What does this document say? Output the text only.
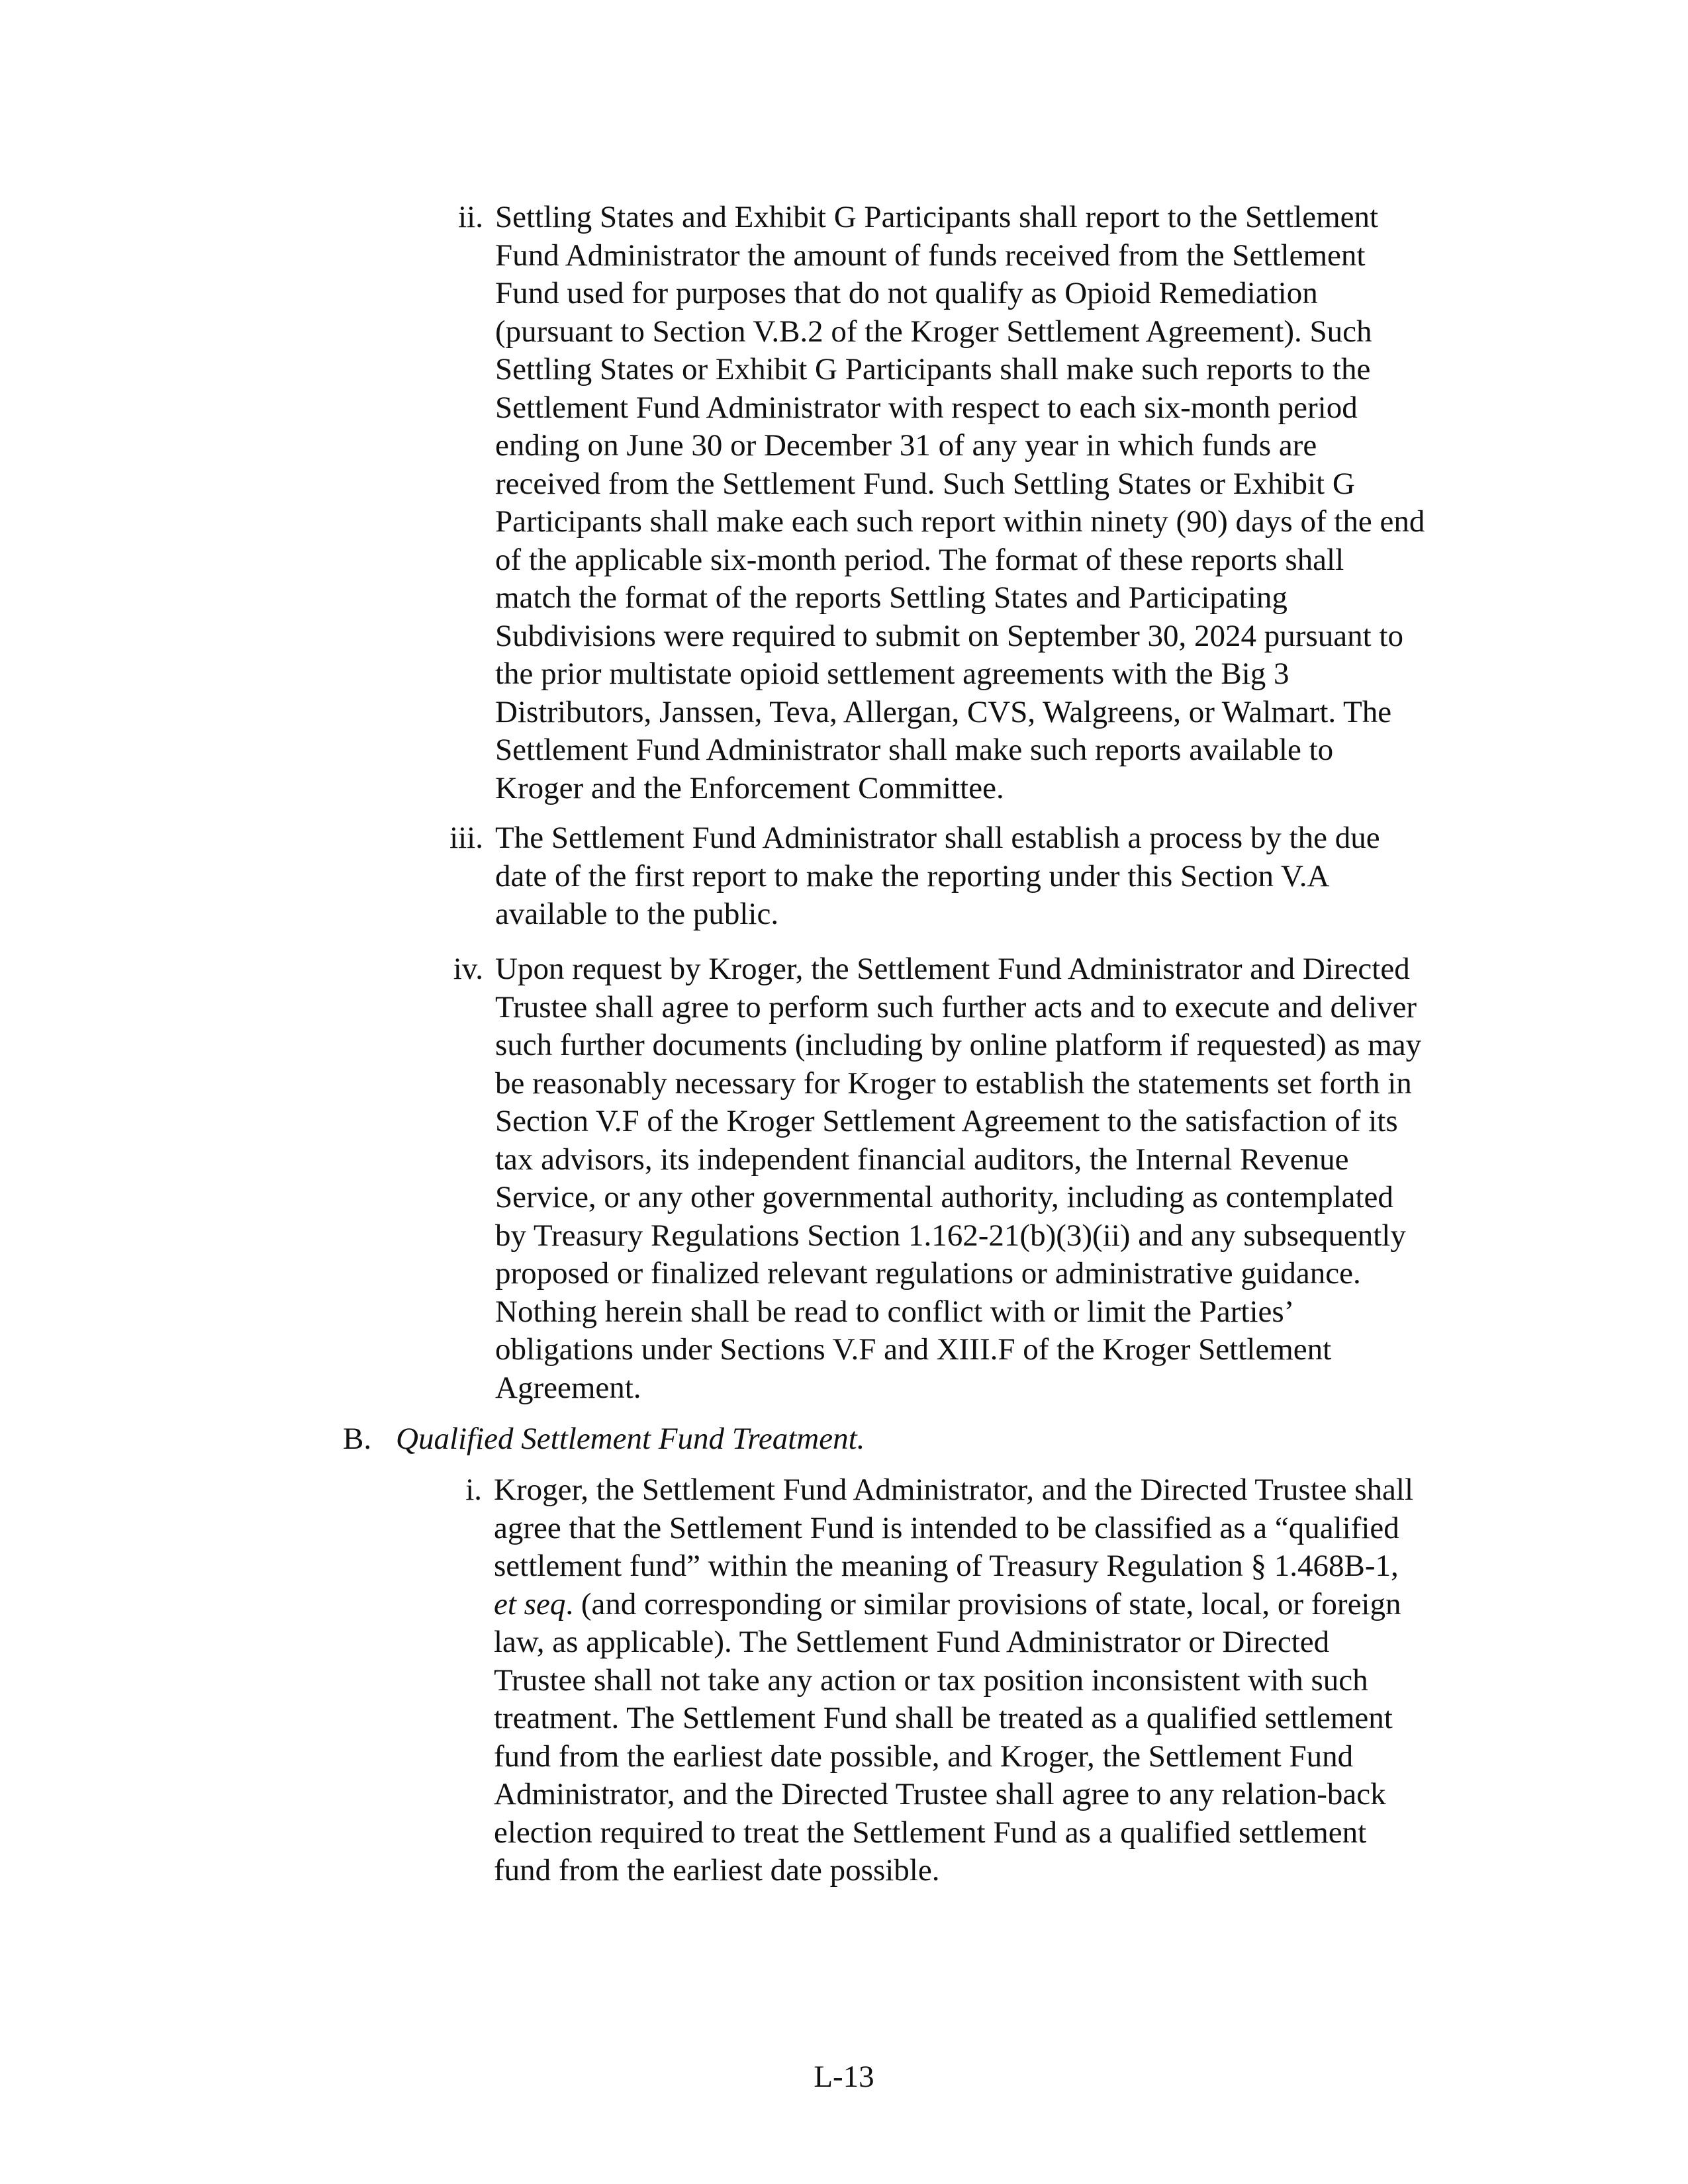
ii. Settling States and Exhibit G Participants shall report to the Settlement
Fund Administrator the amount of funds received from the Settlement
Fund used for purposes that do not qualify as Opioid Remediation
(pursuant to Section V.B.2 of the Kroger Settlement Agreement). Such
Settling States or Exhibit G Participants shall make such reports to the
Settlement Fund Administrator with respect to each six-month period
ending on June 30 or December 31 of any year in which funds are
received from the Settlement Fund. Such Settling States or Exhibit G
Participants shall make each such report within ninety (90) days of the end
of the applicable six-month period. The format of these reports shall
match the format of the reports Settling States and Participating
Subdivisions were required to submit on September 30, 2024 pursuant to
the prior multistate opioid settlement agreements with the Big 3
Distributors, Janssen, Teva, Allergan, CVS, Walgreens, or Walmart. The
Settlement Fund Administrator shall make such reports available to
Kroger and the Enforcement Committee.
iii. The Settlement Fund Administrator shall establish a process by the due
date of the first report to make the reporting under this Section V.A
available to the public.
iv. Upon request by Kroger, the Settlement Fund Administrator and Directed
Trustee shall agree to perform such further acts and to execute and deliver
such further documents (including by online platform if requested) as may
be reasonably necessary for Kroger to establish the statements set forth in
Section V.F of the Kroger Settlement Agreement to the satisfaction of its
tax advisors, its independent financial auditors, the Internal Revenue
Service, or any other governmental authority, including as contemplated
by Treasury Regulations Section 1.162-21(b)(3)(ii) and any subsequently
proposed or finalized relevant regulations or administrative guidance.
Nothing herein shall be read to conflict with or limit the Parties’
obligations under Sections V.F and XIII.F of the Kroger Settlement
Agreement.
B. Qualified Settlement Fund Treatment.
i. Kroger, the Settlement Fund Administrator, and the Directed Trustee shall
agree that the Settlement Fund is intended to be classified as a “qualified
settlement fund” within the meaning of Treasury Regulation § 1.468B-1,
et seq. (and corresponding or similar provisions of state, local, or foreign
law, as applicable). The Settlement Fund Administrator or Directed
Trustee shall not take any action or tax position inconsistent with such
treatment. The Settlement Fund shall be treated as a qualified settlement
fund from the earliest date possible, and Kroger, the Settlement Fund
Administrator, and the Directed Trustee shall agree to any relation-back
election required to treat the Settlement Fund as a qualified settlement
fund from the earliest date possible.
L-13
